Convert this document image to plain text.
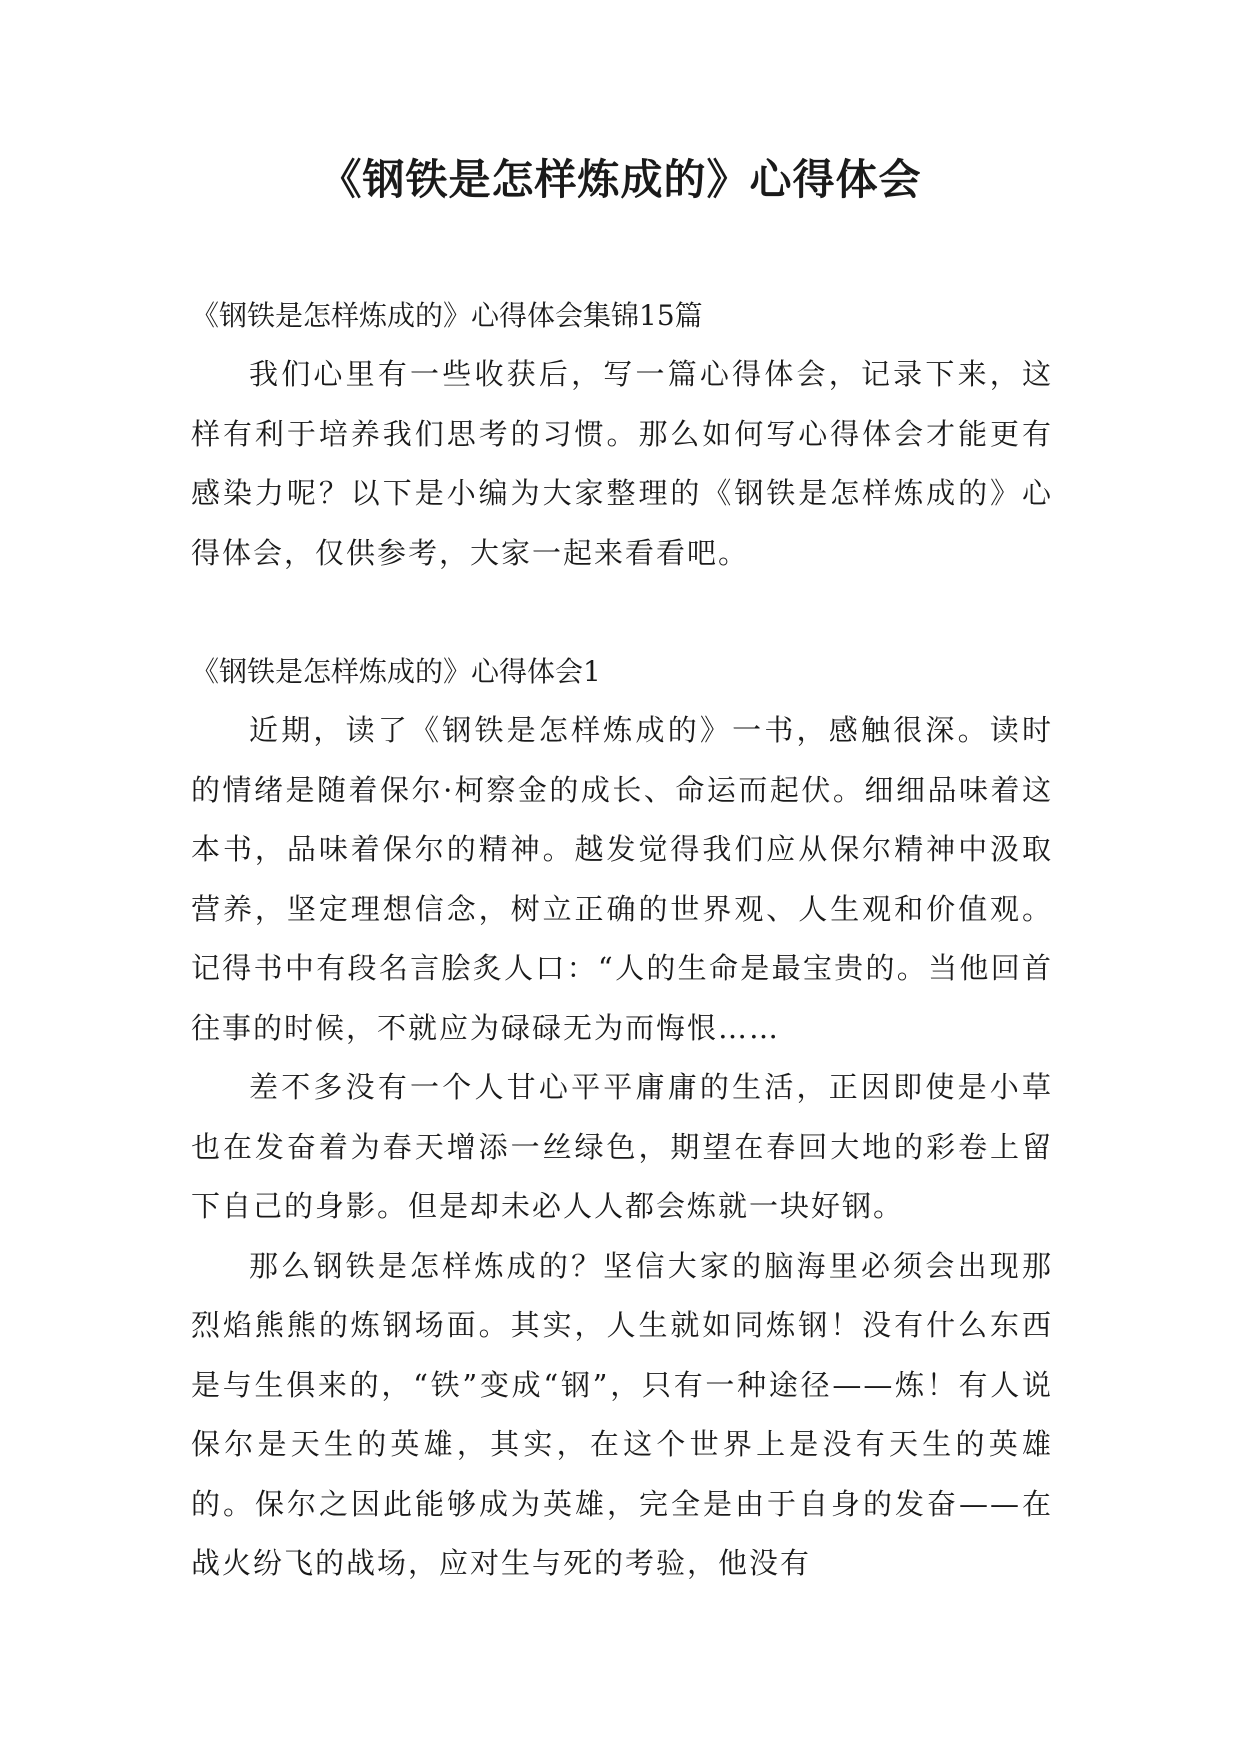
《钢铁是怎样炼成的》心得体会

《钢铁是怎样炼成的》心得体会集锦15篇

我们心里有一些收获后，写一篇心得体会，记录下来，这样有利于培养我们思考的习惯。那么如何写心得体会才能更有感染力呢？以下是小编为大家整理的《钢铁是怎样炼成的》心得体会，仅供参考，大家一起来看看吧。

《钢铁是怎样炼成的》心得体会1

近期，读了《钢铁是怎样炼成的》一书，感触很深。读时的情绪是随着保尔·柯察金的成长、命运而起伏。细细品味着这本书，品味着保尔的精神。越发觉得我们应从保尔精神中汲取营养，坚定理想信念，树立正确的世界观、人生观和价值观。记得书中有段名言脍炙人口：“人的生命是最宝贵的。当他回首往事的时候，不就应为碌碌无为而悔恨……

差不多没有一个人甘心平平庸庸的生活，正因即使是小草也在发奋着为春天增添一丝绿色，期望在春回大地的彩卷上留下自己的身影。但是却未必人人都会炼就一块好钢。

那么钢铁是怎样炼成的？坚信大家的脑海里必须会出现那烈焰熊熊的炼钢场面。其实，人生就如同炼钢！没有什么东西是与生俱来的，“铁”变成“钢”，只有一种途径——炼！有人说保尔是天生的英雄，其实，在这个世界上是没有天生的英雄的。保尔之因此能够成为英雄，完全是由于自身的发奋——在战火纷飞的战场，应对生与死的考验，他没有
